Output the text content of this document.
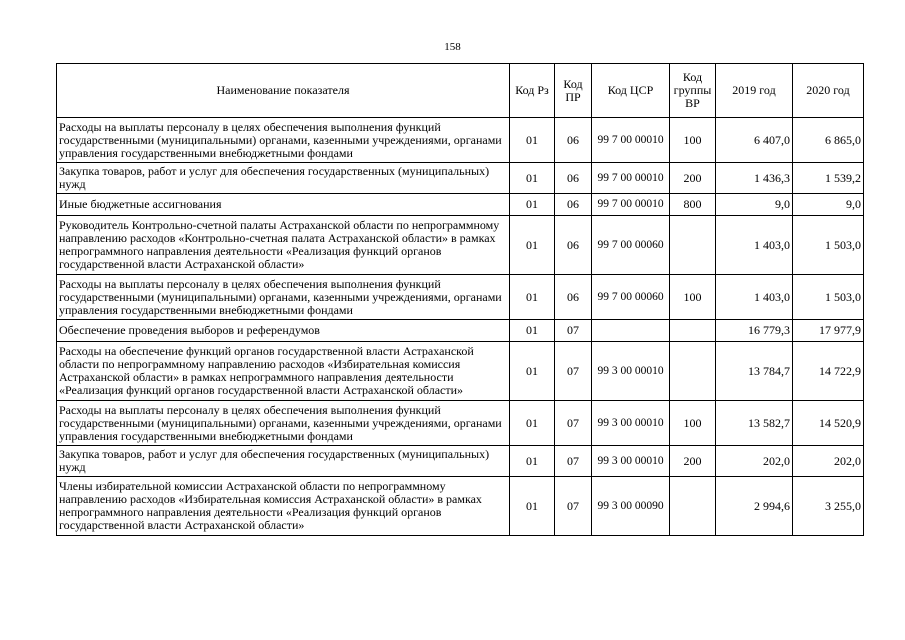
158
Наименование показателя	Код Рз	Код ПР	Код ЦСР	Код группы ВР	2019 год	2020 год
Расходы на выплаты персоналу в целях обеспечения выполнения функций государственными (муниципальными) органами, казенными учреждениями, органами управления государственными внебюджетными фондами	01	06	99 7 00 00010	100	6 407,0	6 865,0
Закупка товаров, работ и услуг для обеспечения государственных (муниципальных) нужд	01	06	99 7 00 00010	200	1 436,3	1 539,2
Иные бюджетные ассигнования	01	06	99 7 00 00010	800	9,0	9,0
Руководитель Контрольно-счетной палаты Астраханской области по непрограммному направлению расходов «Контрольно-счетная палата Астраханской области» в рамках непрограммного направления деятельности «Реализация функций органов государственной власти Астраханской области»	01	06	99 7 00 00060		1 403,0	1 503,0
Расходы на выплаты персоналу в целях обеспечения выполнения функций государственными (муниципальными) органами, казенными учреждениями, органами управления государственными внебюджетными фондами	01	06	99 7 00 00060	100	1 403,0	1 503,0
Обеспечение проведения выборов и референдумов	01	07			16 779,3	17 977,9
Расходы на обеспечение функций органов государственной власти Астраханской области по непрограммному направлению расходов «Избирательная комиссия Астраханской области» в рамках непрограммного направления деятельности «Реализация функций органов государственной власти Астраханской области»	01	07	99 3 00 00010		13 784,7	14 722,9
Расходы на выплаты персоналу в целях обеспечения выполнения функций государственными (муниципальными) органами, казенными учреждениями, органами управления государственными внебюджетными фондами	01	07	99 3 00 00010	100	13 582,7	14 520,9
Закупка товаров, работ и услуг для обеспечения государственных (муниципальных) нужд	01	07	99 3 00 00010	200	202,0	202,0
Члены избирательной комиссии Астраханской области по непрограммному направлению расходов «Избирательная комиссия Астраханской области» в рамках непрограммного направления деятельности «Реализация функций органов государственной власти Астраханской области»	01	07	99 3 00 00090		2 994,6	3 255,0
